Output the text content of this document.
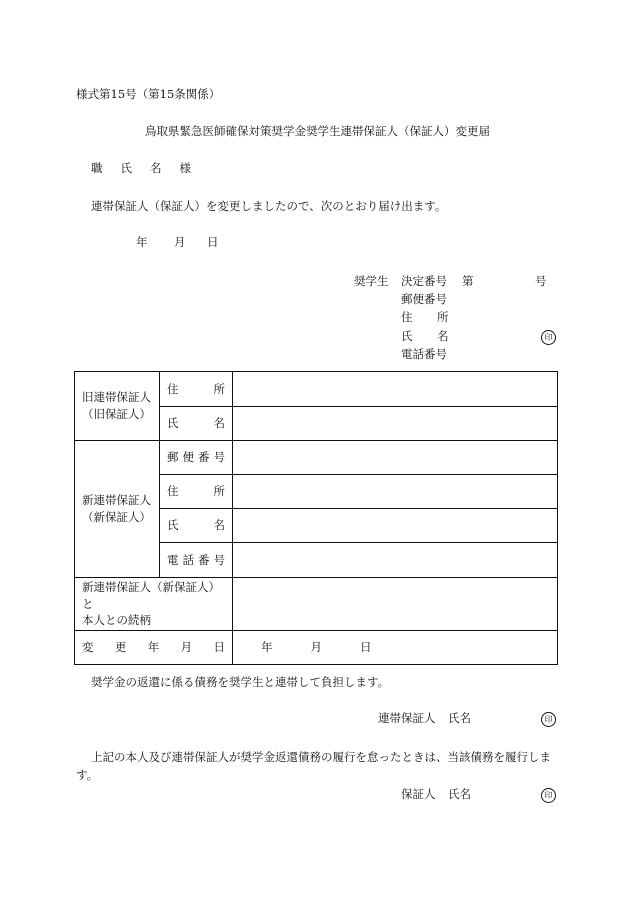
様式第15号（第15条関係）
鳥取県緊急医師確保対策奨学金奨学生連帯保証人（保証人）変更届
職 氏 名 様
連帯保証人（保証人）を変更しましたので、次のとおり届け出ます。
年 月 日
奨学生 決定番号 第	号
郵便番号
住 所
氏 名	印
電話番号
旧連帯保証人
（旧保証人）	住 所	

	氏 名	

新連帯保証人
（新保証人）	郵 便 番 号	

	住 所	

	氏 名	

	電 話 番 号	

新連帯保証人（新保証人）と
本人との続柄		

変 更 年 月 日		年 月 日
奨学金の返還に係る債務を奨学生と連帯して負担します。
連帯保証人 氏名	印
上記の本人及び連帯保証人が奨学金返還債務の履行を怠ったときは、当該債務を履行しま
す。
保証人 氏名	印
